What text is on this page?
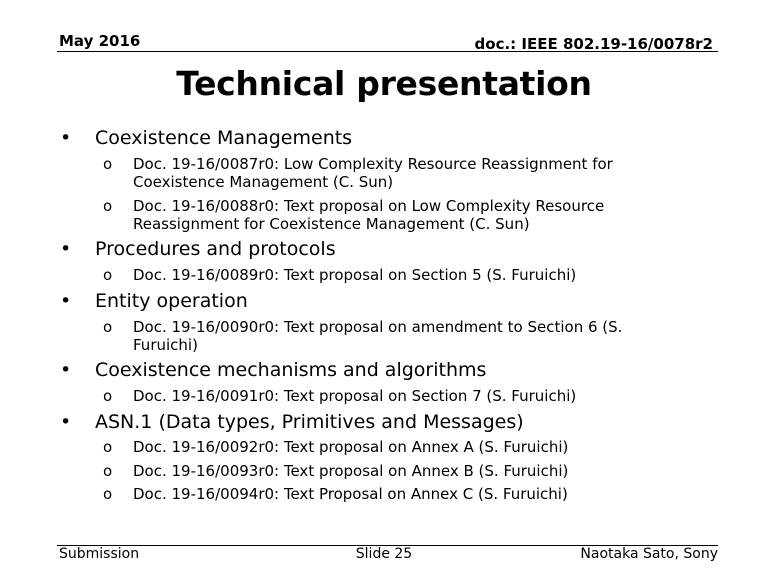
May 2016	doc.: IEEE 802.19-16/0078r2
Technical presentation
• Coexistence Managements
o Doc. 19-16/0087r0: Low Complexity Resource Reassignment for Coexistence Management (C. Sun)
o Doc. 19-16/0088r0: Text proposal on Low Complexity Resource Reassignment for Coexistence Management (C. Sun)
• Procedures and protocols
o Doc. 19-16/0089r0: Text proposal on Section 5 (S. Furuichi)
• Entity operation
o Doc. 19-16/0090r0: Text proposal on amendment to Section 6 (S. Furuichi)
• Coexistence mechanisms and algorithms
o Doc. 19-16/0091r0: Text proposal on Section 7 (S. Furuichi)
• ASN.1 (Data types, Primitives and Messages)
o Doc. 19-16/0092r0: Text proposal on Annex A (S. Furuichi)
o Doc. 19-16/0093r0: Text proposal on Annex B (S. Furuichi)
o Doc. 19-16/0094r0: Text Proposal on Annex C (S. Furuichi)
Submission	Slide 25	Naotaka Sato, Sony
